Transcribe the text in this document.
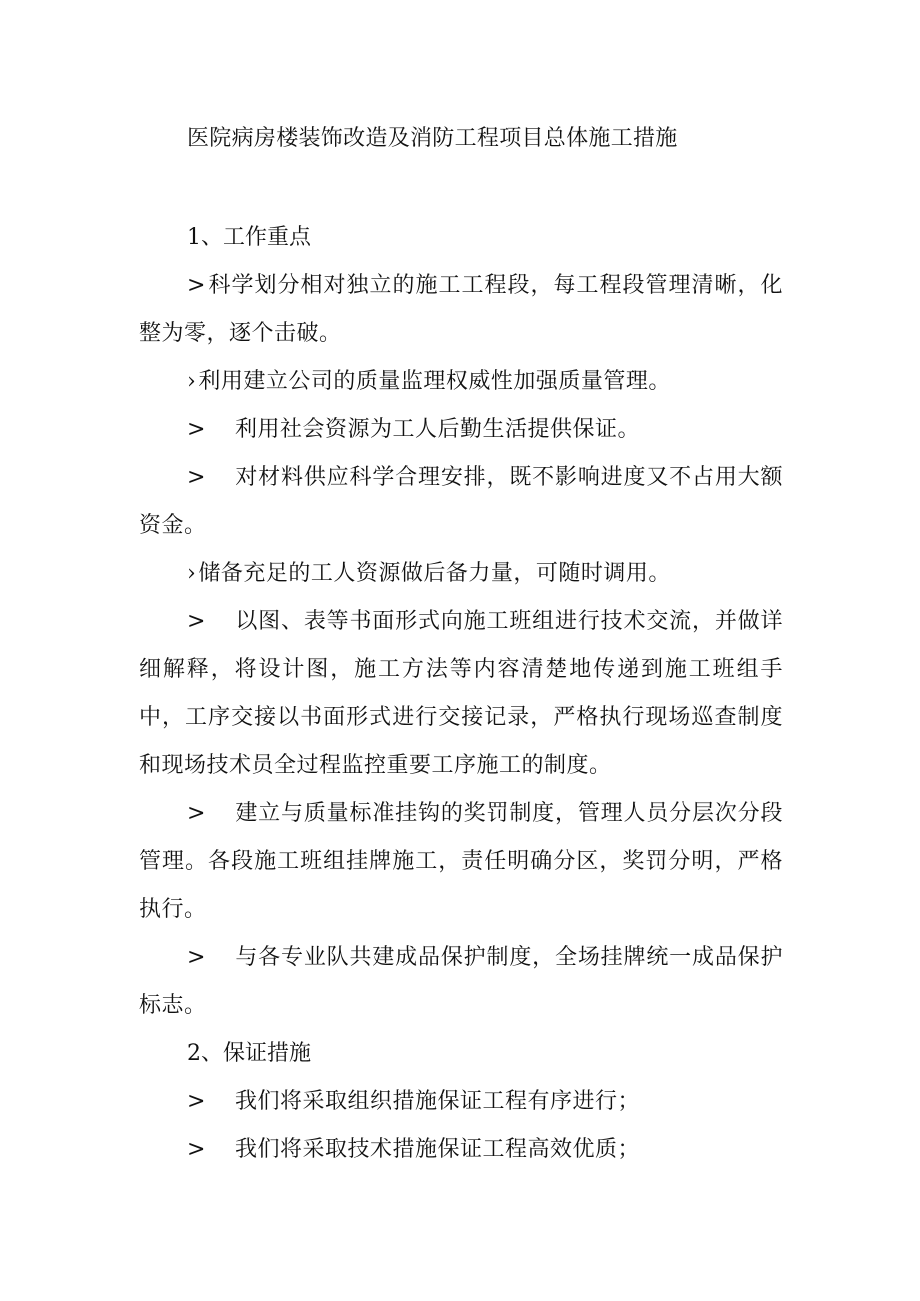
医院病房楼装饰改造及消防工程项目总体施工措施

1、工作重点

>科学划分相对独立的施工工程段，每工程段管理清晰，化整为零，逐个击破。

›利用建立公司的质量监理权威性加强质量管理。

> 利用社会资源为工人后勤生活提供保证。

> 对材料供应科学合理安排，既不影响进度又不占用大额资金。

›储备充足的工人资源做后备力量，可随时调用。

> 以图、表等书面形式向施工班组进行技术交流，并做详细解释，将设计图，施工方法等内容清楚地传递到施工班组手中，工序交接以书面形式进行交接记录，严格执行现场巡查制度和现场技术员全过程监控重要工序施工的制度。

> 建立与质量标准挂钩的奖罚制度，管理人员分层次分段管理。各段施工班组挂牌施工，责任明确分区，奖罚分明，严格执行。

> 与各专业队共建成品保护制度，全场挂牌统一成品保护标志。

2、保证措施

> 我们将采取组织措施保证工程有序进行；

> 我们将采取技术措施保证工程高效优质；
